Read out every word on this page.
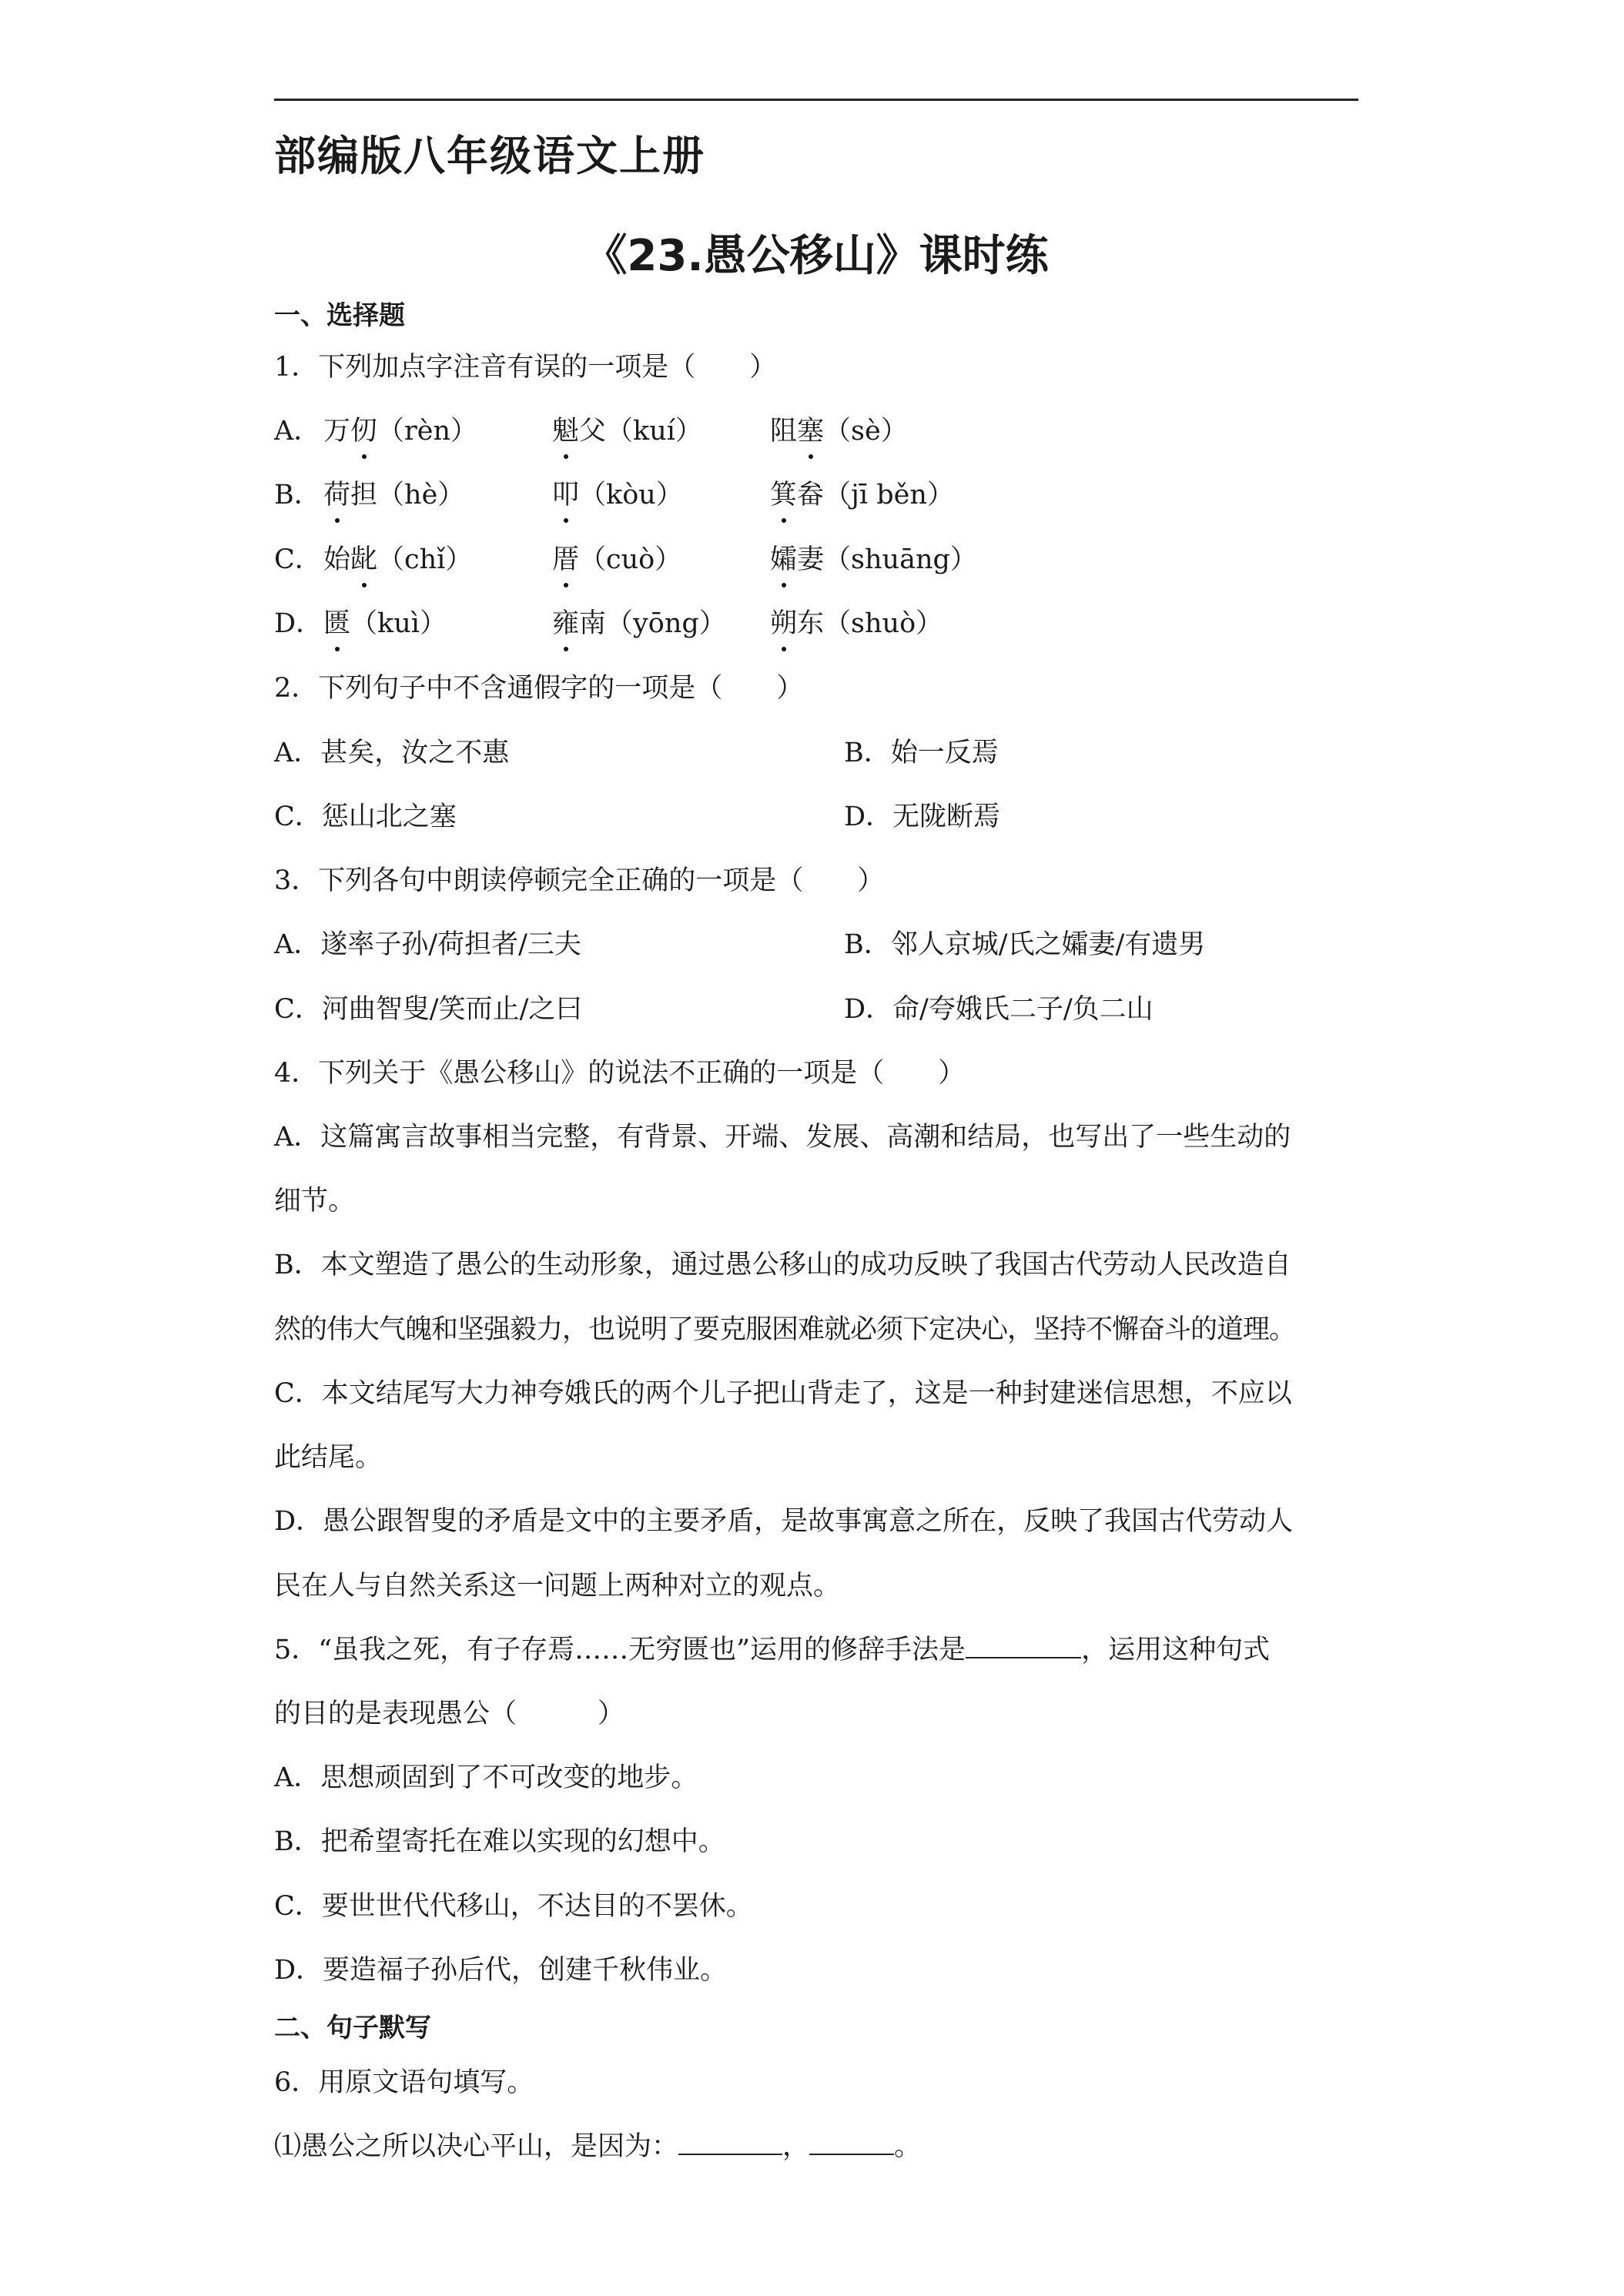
部编版八年级语文上册
《23.愚公移山》课时练
一、选择题
1．下列加点字注音有误的一项是（　　）
A． 万仞（rèn）	魁父（kuí）	阻塞（sè）
B． 荷担（hè）	叩（kòu）	箕畚（jī běn）
C． 始龀（chǐ）	厝（cuò）	孀妻（shuāng）
D． 匮（kuì）	雍南（yōng） 朔东（shuò）
2．下列句子中不含通假字的一项是（　　）
A．甚矣，汝之不惠	B．始一反焉
C．惩山北之塞	D．无陇断焉
3．下列各句中朗读停顿完全正确的一项是（　　）
A．遂率子孙/荷担者/三夫	B．邻人京城/氏之孀妻/有遗男
C．河曲智叟/笑而止/之曰	D．命/夸娥氏二子/负二山
4．下列关于《愚公移山》的说法不正确的一项是（　　）
A．这篇寓言故事相当完整，有背景、开端、发展、高潮和结局，也写出了一些生动的
细节。
B．本文塑造了愚公的生动形象，通过愚公移山的成功反映了我国古代劳动人民改造自
然的伟大气魄和坚强毅力，也说明了要克服困难就必须下定决心，坚持不懈奋斗的道理。
C．本文结尾写大力神夸娥氏的两个儿子把山背走了，这是一种封建迷信思想，不应以
此结尾。
D．愚公跟智叟的矛盾是文中的主要矛盾，是故事寓意之所在，反映了我国古代劳动人
民在人与自然关系这一问题上两种对立的观点。
5．“虽我之死，有子存焉……无穷匮也”运用的修辞手法是	，运用这种句式
的目的是表现愚公（　　　）
A．思想顽固到了不可改变的地步。
B．把希望寄托在难以实现的幻想中。
C．要世世代代移山，不达目的不罢休。
D．要造福子孙后代，创建千秋伟业。
二、句子默写
6．用原文语句填写。
⑴愚公之所以决心平山，是因为：	，	。
